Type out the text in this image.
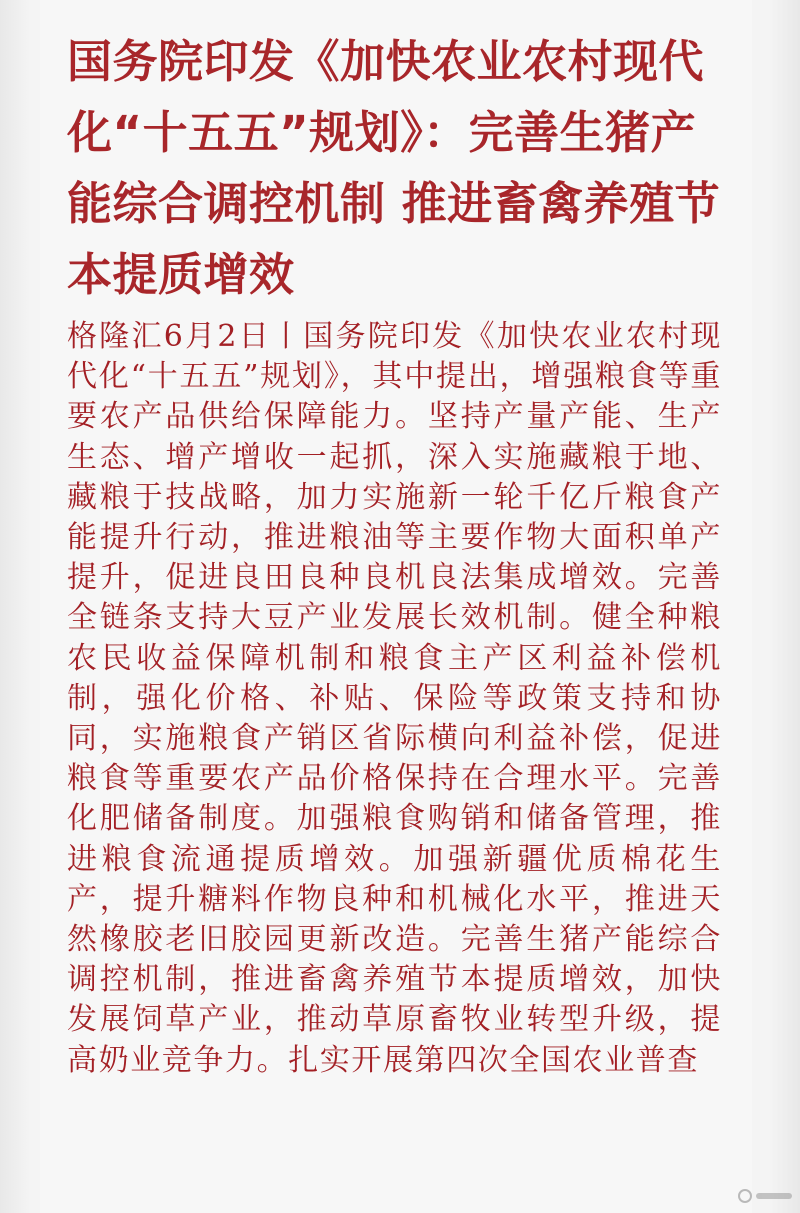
国务院印发《加快农业农村现代化“十五五”规划》：完善生猪产能综合调控机制 推进畜禽养殖节本提质增效

格隆汇6月2日丨国务院印发《加快农业农村现代化“十五五”规划》，其中提出，增强粮食等重要农产品供给保障能力。坚持产量产能、生产生态、增产增收一起抓，深入实施藏粮于地、藏粮于技战略，加力实施新一轮千亿斤粮食产能提升行动，推进粮油等主要作物大面积单产提升，促进良田良种良机良法集成增效。完善全链条支持大豆产业发展长效机制。健全种粮农民收益保障机制和粮食主产区利益补偿机制，强化价格、补贴、保险等政策支持和协同，实施粮食产销区省际横向利益补偿，促进粮食等重要农产品价格保持在合理水平。完善化肥储备制度。加强粮食购销和储备管理，推进粮食流通提质增效。加强新疆优质棉花生产，提升糖料作物良种和机械化水平，推进天然橡胶老旧胶园更新改造。完善生猪产能综合调控机制，推进畜禽养殖节本提质增效，加快发展饲草产业，推动草原畜牧业转型升级，提高奶业竞争力。扎实开展第四次全国农业普查
